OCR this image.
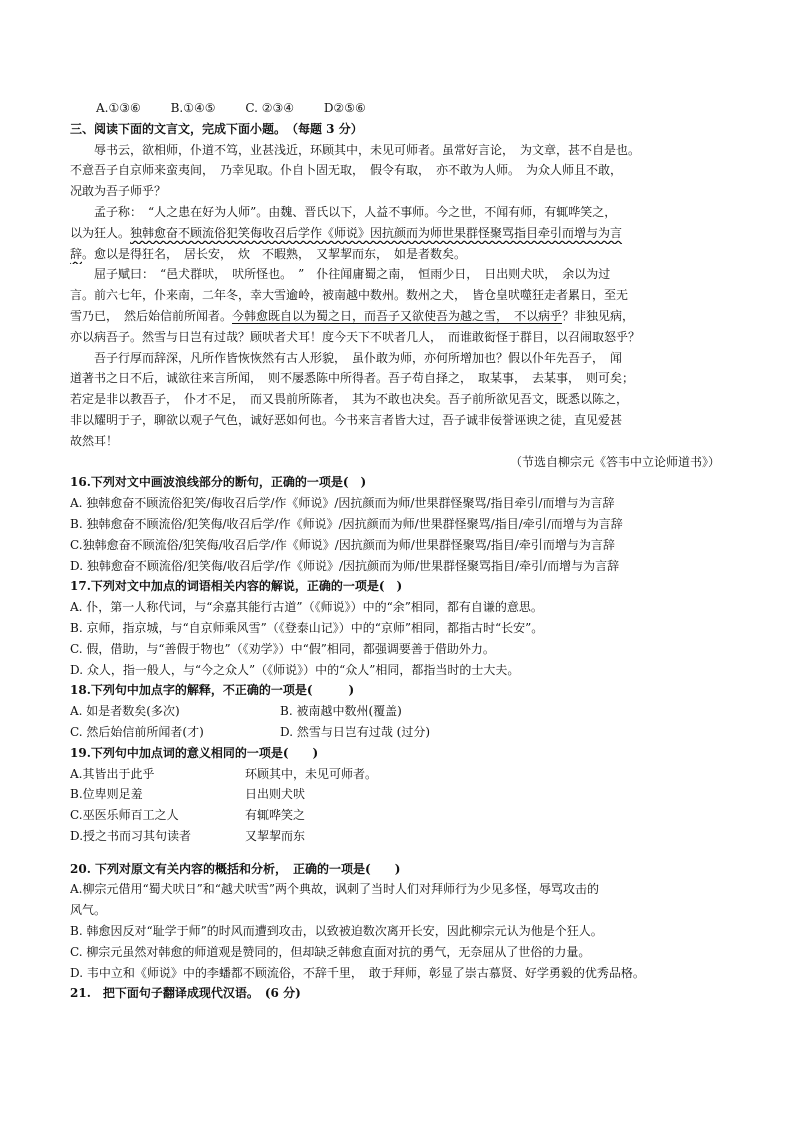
A.①③⑥ B.①④⑤ C. ②③④ D②⑤⑥
三、阅读下面的文言文，完成下面小题。　（每题 3 分）
辱书云，欲相师，仆道不笃，业甚浅近，环顾其中，未见可师者。虽常好言论，　为文章，甚不自是也。
不意吾子自京师来蛮夷间，　乃幸见取。仆自卜固无取，　假令有取，　亦不敢为人师。　为众人师且不敢，
况敢为吾子师乎？
孟子称：　“人之患在好为人师”。由魏、晋氏以下，人益不事师。今之世，不闻有师，有辄哗笑之，
以为狂人。独韩愈奋不顾流俗犯笑侮收召后学作《师说》因抗颜而为师世果群怪聚骂指目牵引而增与为言
辞。愈以是得狂名，　居长安，　炊　不暇熟，　又挈挈而东，　如是者数矣。
屈子赋曰：　“邑犬群吠，　吠所怪也。　”　仆往闻庸蜀之南，　恒雨少日，　日出则犬吠，　余以为过
言。前六七年，仆来南，二年冬，幸大雪逾岭，被南越中数州。数州之犬，　皆仓皇吠噬狂走者累日，至无
雪乃已，　然后始信前所闻者。今韩愈既自以为蜀之日，而吾子又欲使吾为越之雪，　不以病乎？非独见病，
亦以病吾子。然雪与日岂有过哉？顾吠者犬耳！度今天下不吠者几人，　而谁敢衒怪于群目，以召闹取怒乎？
吾子行厚而辞深，凡所作皆恢恢然有古人形貌，　虽仆敢为师，亦何所增加也？假以仆年先吾子，　闻
道著书之日不后，诚欲往来言所闻，　则不屡悉陈中所得者。吾子苟自择之，　取某事，　去某事，　则可矣；
若定是非以教吾子，　仆才不足，　而又畏前所陈者，　其为不敢也决矣。吾子前所欲见吾文，既悉以陈之，
非以耀明于子，聊欲以观子气色，诚好恶如何也。今书来言者皆大过，吾子诚非佞誉诬谀之徒，直见爱甚
故然耳！
（节选自柳宗元《答韦中立论师道书》）
16.下列对文中画波浪线部分的断句，正确的一项是(　)
A. 独韩愈奋不顾流俗犯笑/侮收召后学/作《师说》/因抗颜而为师/世果群怪聚骂/指目牵引/而增与为言辞
B. 独韩愈奋不顾流俗/犯笑侮/收召后学/作《师说》/因抗颜而为师/世果群怪聚骂/指目/牵引/而增与为言辞
C.独韩愈奋不顾流俗/犯笑侮/收召后学/作《师说》/因抗颜而为师/世果群怪聚骂/指目/牵引而增与为言辞
D. 独韩愈奋不顾流俗/犯笑侮/收召后学/作《师说》/因抗颜而为师/世果群怪聚骂指目/牵引/而增与为言辞
17.下列对文中加点的词语相关内容的解说，正确的一项是(　)
A. 仆，第一人称代词，与“余嘉其能行古道”（《师说》）中的“余”相同，都有自谦的意思。
B. 京师，指京城，与“自京师乘风雪”（《登泰山记》）中的“京师”相同，都指古时“长安”。
C. 假，借助，与“善假于物也”（《劝学》）中“假”相同，都强调要善于借助外力。
D. 众人，指一般人，与“今之众人”（《师说》）中的“众人”相同，都指当时的士大夫。
18.下列句中加点字的解释，不正确的一项是(　　　)
A. 如是者数矣(多次)	B. 被南越中数州(覆盖)
C. 然后始信前所闻者(才)	D. 然雪与日岂有过哉 (过分)
19.下列句中加点词的意义相同的一项是(　　)
A.其皆出于此乎	环顾其中，未见可师者。
B.位卑则足羞	日出则犬吠
C.巫医乐师百工之人	有辄哗笑之
D.授之书而习其句读者	又挈挈而东
20. 下列对原文有关内容的概括和分析，　正确的一项是(　　)
A.柳宗元借用“蜀犬吠日”和“越犬吠雪”两个典故，讽刺了当时人们对拜师行为少见多怪，辱骂攻击的
风气。
B. 韩愈因反对“耻学于师”的时风而遭到攻击，以致被迫数次离开长安，因此柳宗元认为他是个狂人。
C. 柳宗元虽然对韩愈的师道观是赞同的，但却缺乏韩愈直面对抗的勇气，无奈屈从了世俗的力量。
D. 韦中立和《师说》中的李蟠都不顾流俗，不辞千里，　敢于拜师，彰显了崇古慕贤、好学勇毅的优秀品格。
21.　把下面句子翻译成现代汉语。　(6 分)
